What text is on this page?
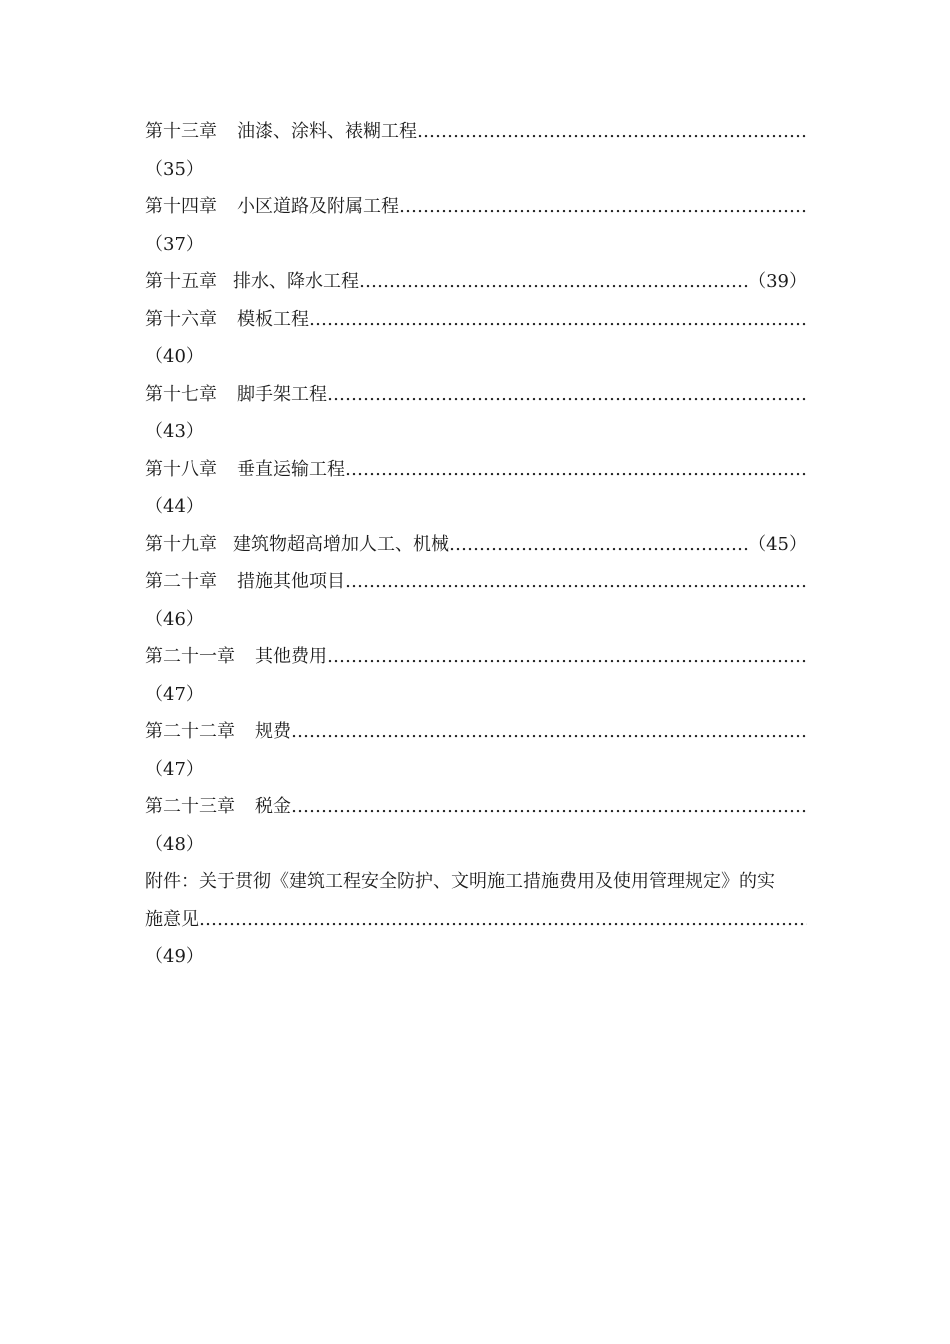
第十三章 油漆、涂料、裱糊工程
………………………………………………………………………………………………………………………………
（35）
第十四章 小区道路及附属工程
………………………………………………………………………………………………………………………………
（37）
第十五章 排水、降水工程 ………………………………………………………………………………………………………………………………	（39）
第十六章 模板工程
………………………………………………………………………………………………………………………………
（40）
第十七章 脚手架工程
………………………………………………………………………………………………………………………………
（43）
第十八章 垂直运输工程
………………………………………………………………………………………………………………………………
（44）
第十九章 建筑物超高增加人工、机械 ………………………………………………………………………………………………………………………………	（45）
第二十章 措施其他项目
………………………………………………………………………………………………………………………………
（46）
第二十一章 其他费用
………………………………………………………………………………………………………………………………
（47）
第二十二章 规费
………………………………………………………………………………………………………………………………
（47）
第二十三章 税金
………………………………………………………………………………………………………………………………
（48）
附件：关于贯彻《建筑工程安全防护、文明施工措施费用及使用管理规定》的实
施意见
………………………………………………………………………………………………………………………………
（49）
